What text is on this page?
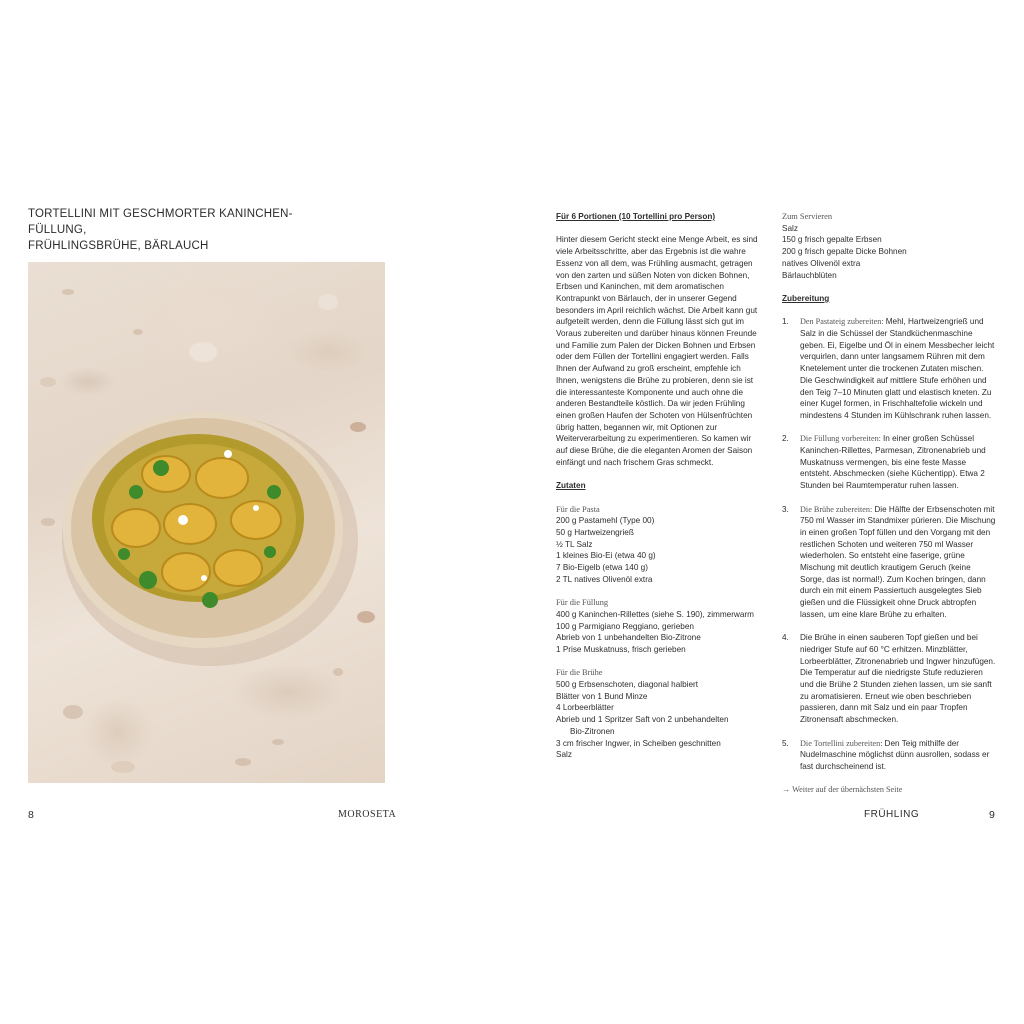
TORTELLINI MIT GESCHMORTER KANINCHEN-FÜLLUNG,
FRÜHLINGSBRÜHE, BÄRLAUCH
8	MOROSETA

Für 6 Portionen (10 Tortellini pro Person)

Hinter diesem Gericht steckt eine Menge Arbeit, es sind viele Arbeitsschritte, aber das Ergebnis ist die wahre Essenz von all dem, was Frühling ausmacht, getragen von den zarten und süßen Noten von dicken Bohnen, Erbsen und Kaninchen, mit dem aromatischen Kontrapunkt von Bärlauch, der in unserer Gegend besonders im April reichlich wächst. Die Arbeit kann gut aufgeteilt werden, denn die Füllung lässt sich gut im Voraus zubereiten und darüber hinaus können Freunde und Familie zum Palen der Dicken Bohnen und Erbsen oder dem Füllen der Tortellini engagiert werden. Falls Ihnen der Aufwand zu groß erscheint, empfehle ich Ihnen, wenigstens die Brühe zu probieren, denn sie ist die interessanteste Komponente und auch ohne die anderen Bestandteile köstlich. Da wir jeden Frühling einen großen Haufen der Schoten von Hülsenfrüchten übrig hatten, begannen wir, mit Optionen zur Weiterverarbeitung zu experimentieren. So kamen wir auf diese Brühe, die die eleganten Aromen der Saison einfängt und nach frischem Gras schmeckt.

Zutaten

Für die Pasta

200 g Pastamehl (Type 00)

50 g Hartweizengrieß

½ TL Salz

1 kleines Bio-Ei (etwa 40 g)

7 Bio-Eigelb (etwa 140 g)

2 TL natives Olivenöl extra

Für die Füllung

400 g Kaninchen-Rillettes (siehe S. 190), zimmerwarm

100 g Parmigiano Reggiano, gerieben

Abrieb von 1 unbehandelten Bio-Zitrone

1 Prise Muskatnuss, frisch gerieben

Für die Brühe

500 g Erbsenschoten, diagonal halbiert

Blätter von 1 Bund Minze

4 Lorbeerblätter

Abrieb und 1 Spritzer Saft von 2 unbehandelten

Bio-Zitronen

3 cm frischer Ingwer, in Scheiben geschnitten

Salz

Zum Servieren

Salz

150 g frisch gepalte Erbsen

200 g frisch gepalte Dicke Bohnen

natives Olivenöl extra

Bärlauchblüten

Zubereitung

1. Den Pastateig zubereiten: Mehl, Hartweizengrieß und Salz in die Schüssel der Standküchenmaschine geben. Ei, Eigelbe und Öl in einem Messbecher leicht verquirlen, dann unter langsamem Rühren mit dem Knetelement unter die trockenen Zutaten mischen. Die Geschwindigkeit auf mittlere Stufe erhöhen und den Teig 7–10 Minuten glatt und elastisch kneten. Zu einer Kugel formen, in Frischhaltefolie wickeln und mindestens 4 Stunden im Kühlschrank ruhen lassen.
2. Die Füllung vorbereiten: In einer großen Schüssel Kaninchen-Rillettes, Parmesan, Zitronenabrieb und Muskatnuss vermengen, bis eine feste Masse entsteht. Abschmecken (siehe Küchentipp). Etwa 2 Stunden bei Raumtemperatur ruhen lassen.
3. Die Brühe zubereiten: Die Hälfte der Erbsenschoten mit 750 ml Wasser im Standmixer pürieren. Die Mischung in einen großen Topf füllen und den Vorgang mit den restlichen Schoten und weiteren 750 ml Wasser wiederholen. So entsteht eine faserige, grüne Mischung mit deutlich krautigem Geruch (keine Sorge, das ist normal!). Zum Kochen bringen, dann durch ein mit einem Passiertuch ausgelegtes Sieb gießen und die Flüssigkeit ohne Druck abtropfen lassen, um eine klare Brühe zu erhalten.
4. Die Brühe in einen sauberen Topf gießen und bei niedriger Stufe auf 60 °C erhitzen. Minzblätter, Lorbeerblätter, Zitronenabrieb und Ingwer hinzufügen. Die Temperatur auf die niedrigste Stufe reduzieren und die Brühe 2 Stunden ziehen lassen, um sie sanft zu aromatisieren. Erneut wie oben beschrieben passieren, dann mit Salz und ein paar Tropfen Zitronensaft abschmecken.
5. Die Tortellini zubereiten: Den Teig mithilfe der Nudelmaschine möglichst dünn ausrollen, sodass er fast durchscheinend ist.

→ Weiter auf der übernächsten Seite

FRÜHLING	9
